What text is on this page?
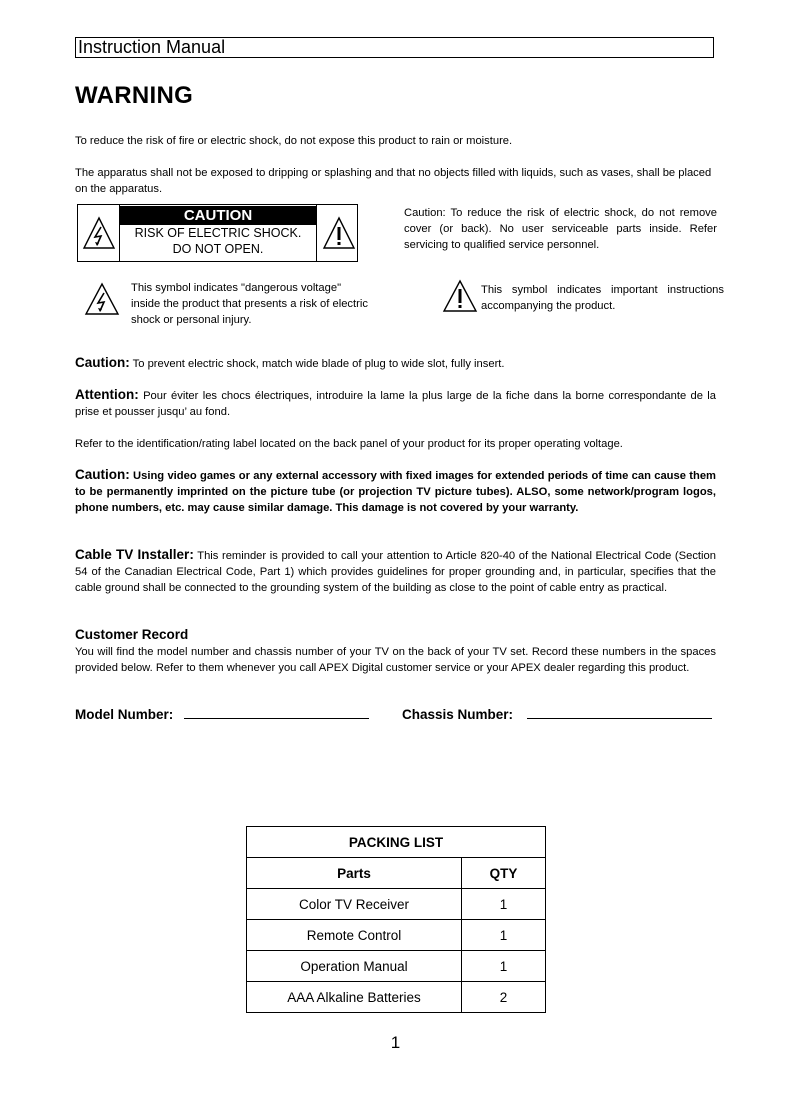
Instruction Manual
WARNING
To reduce the risk of fire or electric shock, do not expose this product to rain or moisture.
The apparatus shall not be exposed to dripping or splashing and that no objects filled with liquids, such as vases, shall be placed on the apparatus.
CAUTION
RISK OF ELECTRIC SHOCK.
DO NOT OPEN.
Caution: To reduce the risk of electric shock, do not remove cover (or back). No user serviceable parts inside. Refer servicing to qualified service personnel.
This symbol indicates "dangerous voltage" inside the product that presents a risk of electric shock or personal injury.
This symbol indicates important instructions accompanying the product.
Caution: To prevent electric shock, match wide blade of plug to wide slot, fully insert.
Attention: Pour éviter les chocs électriques, introduire la lame la plus large de la fiche dans la borne correspondante de la prise et pousser jusqu’ au fond.
Refer to the identification/rating label located on the back panel of your product for its proper operating voltage.
Caution: Using video games or any external accessory with fixed images for extended periods of time can cause them to be permanently imprinted on the picture tube (or projection TV picture tubes). ALSO, some network/program logos, phone numbers, etc. may cause similar damage. This damage is not covered by your warranty.
Cable TV Installer: This reminder is provided to call your attention to Article 820-40 of the National Electrical Code (Section 54 of the Canadian Electrical Code, Part 1) which provides guidelines for proper grounding and, in particular, specifies that the cable ground shall be connected to the grounding system of the building as close to the point of cable entry as practical.
Customer Record
You will find the model number and chassis number of your TV on the back of your TV set. Record these numbers in the spaces provided below. Refer to them whenever you call APEX Digital customer service or your APEX dealer regarding this product.
Model Number:	Chassis Number:
PACKING LIST	
Parts	QTY
Color TV Receiver	1
Remote Control	1
Operation Manual	1
AAA Alkaline Batteries	2
1
